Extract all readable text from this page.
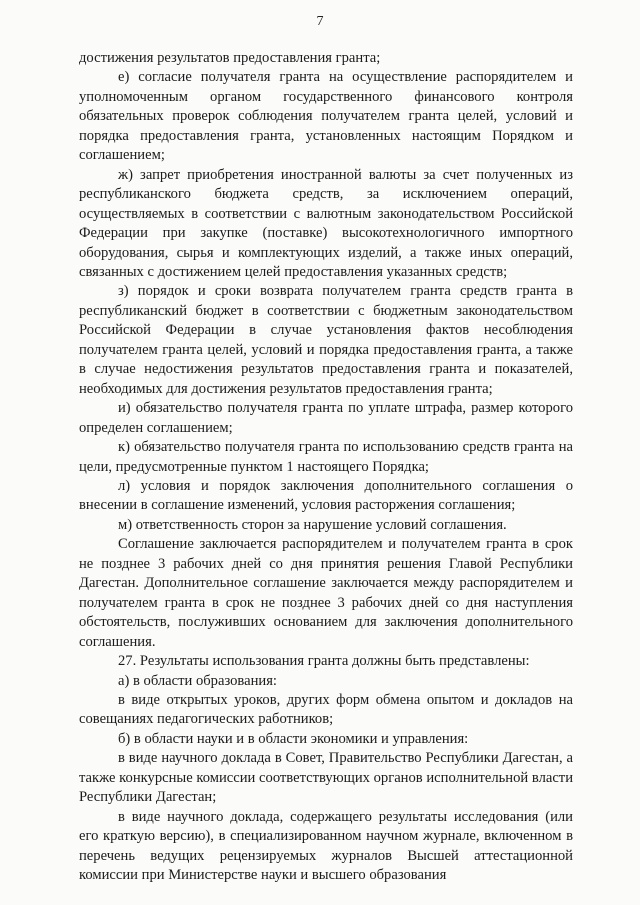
7

достижения результатов предоставления гранта;

е) согласие получателя гранта на осуществление распорядителем и уполномоченным органом государственного финансового контроля обязательных проверок соблюдения получателем гранта целей, условий и порядка предоставления гранта, установленных настоящим Порядком и соглашением;

ж) запрет приобретения иностранной валюты за счет полученных из республиканского бюджета средств, за исключением операций, осуществляемых в соответствии с валютным законодательством Российской Федерации при закупке (поставке) высокотехнологичного импортного оборудования, сырья и комплектующих изделий, а также иных операций, связанных с достижением целей предоставления указанных средств;

з) порядок и сроки возврата получателем гранта средств гранта в республиканский бюджет в соответствии с бюджетным законодательством Российской Федерации в случае установления фактов несоблюдения получателем гранта целей, условий и порядка предоставления гранта, а также в случае недостижения результатов предоставления гранта и показателей, необходимых для достижения результатов предоставления гранта;

и) обязательство получателя гранта по уплате штрафа, размер которого определен соглашением;

к) обязательство получателя гранта по использованию средств гранта на цели, предусмотренные пунктом 1 настоящего Порядка;

л) условия и порядок заключения дополнительного соглашения о внесении в соглашение изменений, условия расторжения соглашения;

м) ответственность сторон за нарушение условий соглашения.

Соглашение заключается распорядителем и получателем гранта в срок не позднее 3 рабочих дней со дня принятия решения Главой Республики Дагестан. Дополнительное соглашение заключается между распорядителем и получателем гранта в срок не позднее 3 рабочих дней со дня наступления обстоятельств, послуживших основанием для заключения дополнительного соглашения.

27. Результаты использования гранта должны быть представлены:

а) в области образования:

в виде открытых уроков, других форм обмена опытом и докладов на совещаниях педагогических работников;

б) в области науки и в области экономики и управления:

в виде научного доклада в Совет, Правительство Республики Дагестан, а также конкурсные комиссии соответствующих органов исполнительной власти Республики Дагестан;

в виде научного доклада, содержащего результаты исследования (или его краткую версию), в специализированном научном журнале, включенном в перечень ведущих рецензируемых журналов Высшей аттестационной комиссии при Министерстве науки и высшего образования
